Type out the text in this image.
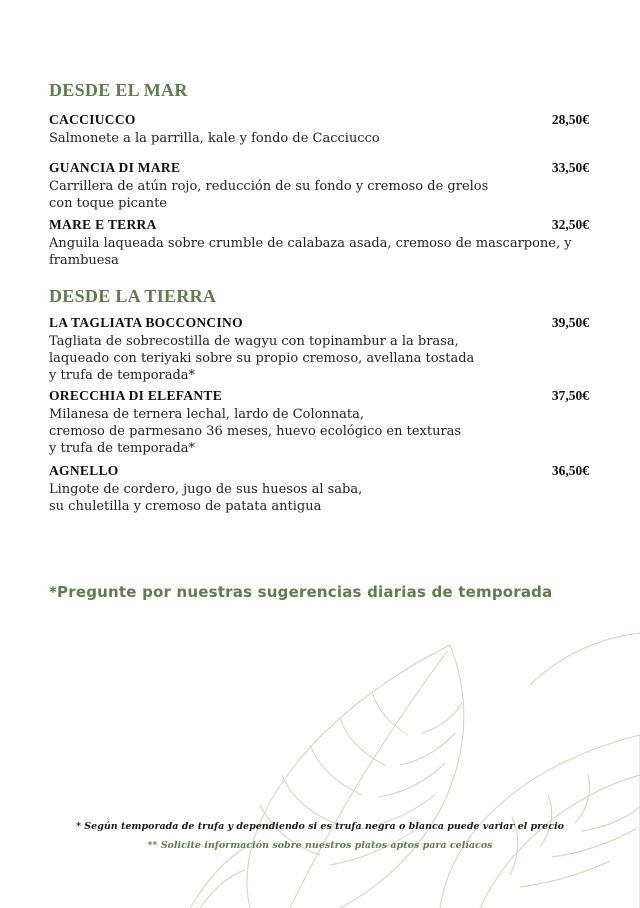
DESDE EL MAR
CACCIUCCO	28,50€
Salmonete a la parrilla, kale y fondo de Cacciucco
GUANCIA DI MARE	33,50€
Carrillera de atún rojo, reducción de su fondo y cremoso de grelos
con toque picante
MARE E TERRA	32,50€
Anguila laqueada sobre crumble de calabaza asada, cremoso de mascarpone, y
frambuesa
DESDE LA TIERRA
LA TAGLIATA BOCCONCINO	39,50€
Tagliata de sobrecostilla de wagyu con topinambur a la brasa,
laqueado con teriyaki sobre su propio cremoso, avellana tostada
y trufa de temporada*
ORECCHIA DI ELEFANTE	37,50€
Milanesa de ternera lechal, lardo de Colonnata,
cremoso de parmesano 36 meses, huevo ecológico en texturas
y trufa de temporada*
AGNELLO	36,50€
Lingote de cordero, jugo de sus huesos al saba,
su chuletilla y cremoso de patata antigua
*Pregunte por nuestras sugerencias diarias de temporada
* Según temporada de trufa y dependiendo si es trufa negra o blanca puede variar el precio
** Solicite información sobre nuestros platos aptos para celíacos
